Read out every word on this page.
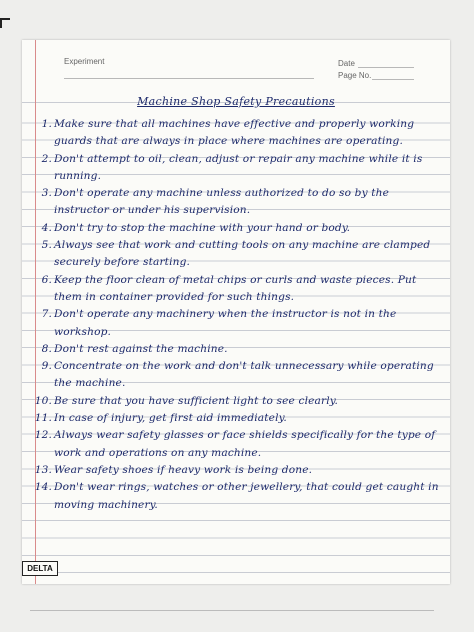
Experiment	Date
Page No.
Machine Shop Safety Precautions
1. Make sure that all machines have effective and properly working guards that are always in place where machines are operating.
2. Don't attempt to oil, clean, adjust or repair any machine while it is running.
3. Don't operate any machine unless authorized to do so by the instructor or under his supervision.
4. Don't try to stop the machine with your hand or body.
5. Always see that work and cutting tools on any machine are clamped securely before starting.
6. Keep the floor clean of metal chips or curls and waste pieces. Put them in container provided for such things.
7. Don't operate any machinery when the instructor is not in the workshop.
8. Don't rest against the machine.
9. Concentrate on the work and don't talk unnecessary while operating the machine.
10. Be sure that you have sufficient light to see clearly.
11. In case of injury, get first aid immediately.
12. Always wear safety glasses or face shields specifically for the type of work and operations on any machine.
13. Wear safety shoes if heavy work is being done.
14. Don't wear rings, watches or other jewellery, that could get caught in moving machinery.
DELTA
